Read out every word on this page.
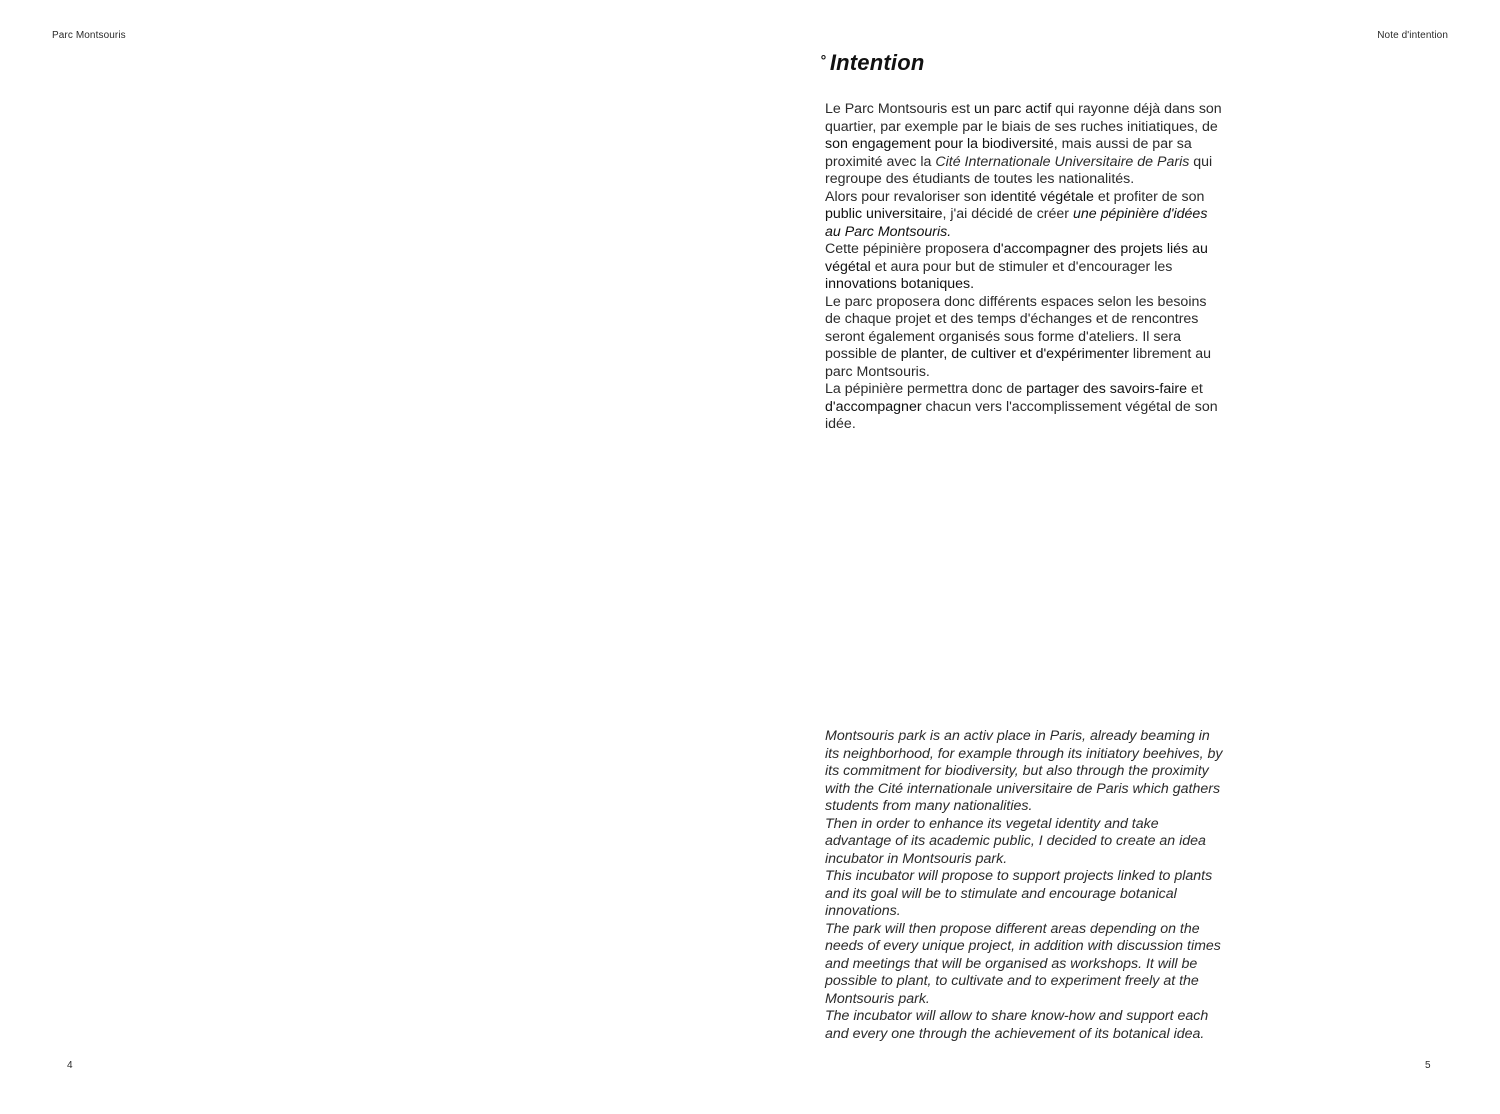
Parc Montsouris	Note d'intention
° Intention

Le Parc Montsouris est un parc actif qui rayonne déjà dans son quartier, par exemple par le biais de ses ruches initiatiques, de son engagement pour la biodiversité, mais aussi de par sa proximité avec la Cité Internationale Universitaire de Paris qui regroupe des étudiants de toutes les nationalités.

Alors pour revaloriser son identité végétale et profiter de son public universitaire, j'ai décidé de créer une pépinière d'idées au Parc Montsouris.

Cette pépinière proposera d'accompagner des projets liés au végétal et aura pour but de stimuler et d'encourager les innovations botaniques.

Le parc proposera donc différents espaces selon les besoins de chaque projet et des temps d'échanges et de rencontres seront également organisés sous forme d'ateliers. Il sera possible de planter, de cultiver et d'expérimenter librement au parc Montsouris.

La pépinière permettra donc de partager des savoirs-faire et d'accompagner chacun vers l'accomplissement végétal de son idée.

Montsouris park is an activ place in Paris, already beaming in its neighborhood, for example through its initiatory beehives, by its commitment for biodiversity, but also through the proximity with the Cité internationale universitaire de Paris which gathers students from many nationalities.

Then in order to enhance its vegetal identity and take advantage of its academic public, I decided to create an idea incubator in Montsouris park.

This incubator will propose to support projects linked to plants and its goal will be to stimulate and encourage botanical innovations.

The park will then propose different areas depending on the needs of every unique project, in addition with discussion times and meetings that will be organised as workshops. It will be possible to plant, to cultivate and to experiment freely at the Montsouris park.

The incubator will allow to share know-how and support each and every one through the achievement of its botanical idea.

4	5
